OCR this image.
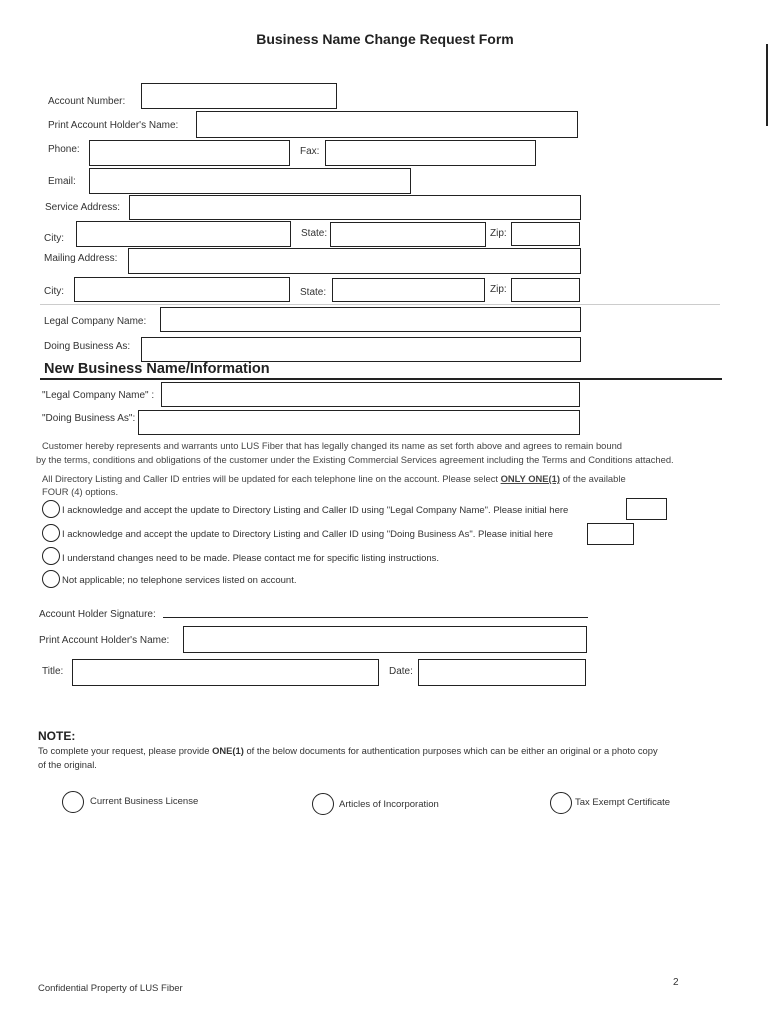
Business Name Change Request Form
Account Number:
Print Account Holder's Name:
Phone:	Fax:
Email:
Service Address:
City:	State:	Zip:
Mailing Address:
City:	State:	Zip:
Legal Company Name:
Doing Business As:
New Business Name/Information
"Legal Company Name" :
"Doing Business As":
Customer hereby represents and warrants unto LUS Fiber that has legally changed its name as set forth above and agrees to remain bound
by the terms, conditions and obligations of the customer under the Existing Commercial Services agreement including the Terms and Conditions attached.
All Directory Listing and Caller ID entries will be updated for each telephone line on the account. Please select ONLY ONE(1) of the available
FOUR (4) options.
I acknowledge and accept the update to Directory Listing and Caller ID using "Legal Company Name". Please initial here
I acknowledge and accept the update to Directory Listing and Caller ID using "Doing Business As". Please initial here
I understand changes need to be made. Please contact me for specific listing instructions.
Not applicable; no telephone services listed on account.
Account Holder Signature:
Print Account Holder's Name:
Title:	Date:
NOTE:
To complete your request, please provide ONE(1) of the below documents for authentication purposes which can be either an original or a photo copy
of the original.
Current Business License	Articles of Incorporation	Tax Exempt Certificate
Confidential Property of LUS Fiber
2
